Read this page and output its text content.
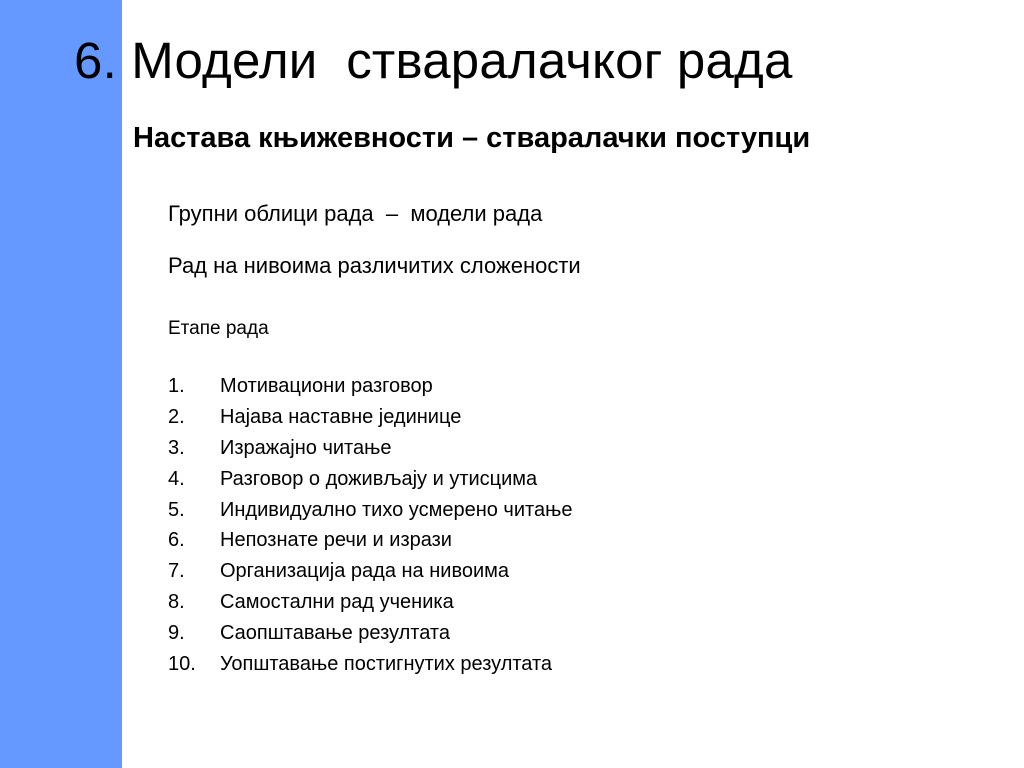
6. Модели  стваралачког рада
Настава књижевности – стваралачки поступци

Групни облици рада  –  модели рада

Рад на нивоима различитих сложености

Етапе рада

1.	Мотивациони разговор
2.	Најава наставне јединице
3.	Изражајно читање
4.	Разговор о доживљају и утисцима
5.	Индивидуално тихо усмерено читање
6.	Непознате речи и изрази
7.	Организација рада на нивоима
8.	Самостални рад ученика
9.	Саопштавање резултата
10.	Уопштавање постигнутих резултата
